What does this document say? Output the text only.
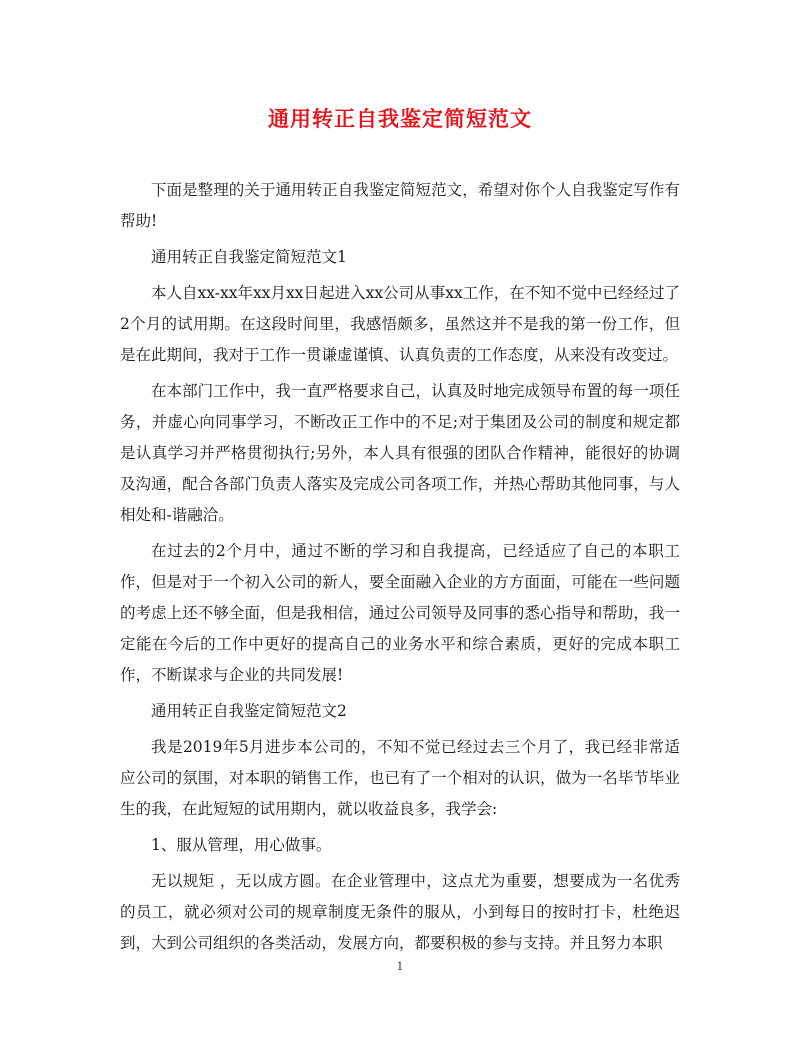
通用转正自我鉴定简短范文

下面是整理的关于通用转正自我鉴定简短范文，希望对你个人自我鉴定写作有帮助!

通用转正自我鉴定简短范文1

本人自xx-xx年xx月xx日起进入xx公司从事xx工作，在不知不觉中已经经过了2个月的试用期。在这段时间里，我感悟颇多，虽然这并不是我的第一份工作，但是在此期间，我对于工作一贯谦虚谨慎、认真负责的工作态度，从来没有改变过。

在本部门工作中，我一直严格要求自己，认真及时地完成领导布置的每一项任务，并虚心向同事学习，不断改正工作中的不足;对于集团及公司的制度和规定都是认真学习并严格贯彻执行;另外，本人具有很强的团队合作精神，能很好的协调及沟通，配合各部门负责人落实及完成公司各项工作，并热心帮助其他同事，与人相处和-谐融洽。

在过去的2个月中，通过不断的学习和自我提高，已经适应了自己的本职工作，但是对于一个初入公司的新人，要全面融入企业的方方面面，可能在一些问题的考虑上还不够全面，但是我相信，通过公司领导及同事的悉心指导和帮助，我一定能在今后的工作中更好的提高自己的业务水平和综合素质，更好的完成本职工作，不断谋求与企业的共同发展!

通用转正自我鉴定简短范文2

我是2019年5月进步本公司的，不知不觉已经过去三个月了，我已经非常适应公司的氛围，对本职的销售工作，也已有了一个相对的认识，做为一名毕节毕业生的我，在此短短的试用期内，就以收益良多，我学会:

1、服从管理，用心做事。

无以规矩 ，无以成方圆。在企业管理中，这点尤为重要，想要成为一名优秀的员工，就必须对公司的规章制度无条件的服从，小到每日的按时打卡，杜绝迟到，大到公司组织的各类活动，发展方向，都要积极的参与支持。并且努力本职

1
